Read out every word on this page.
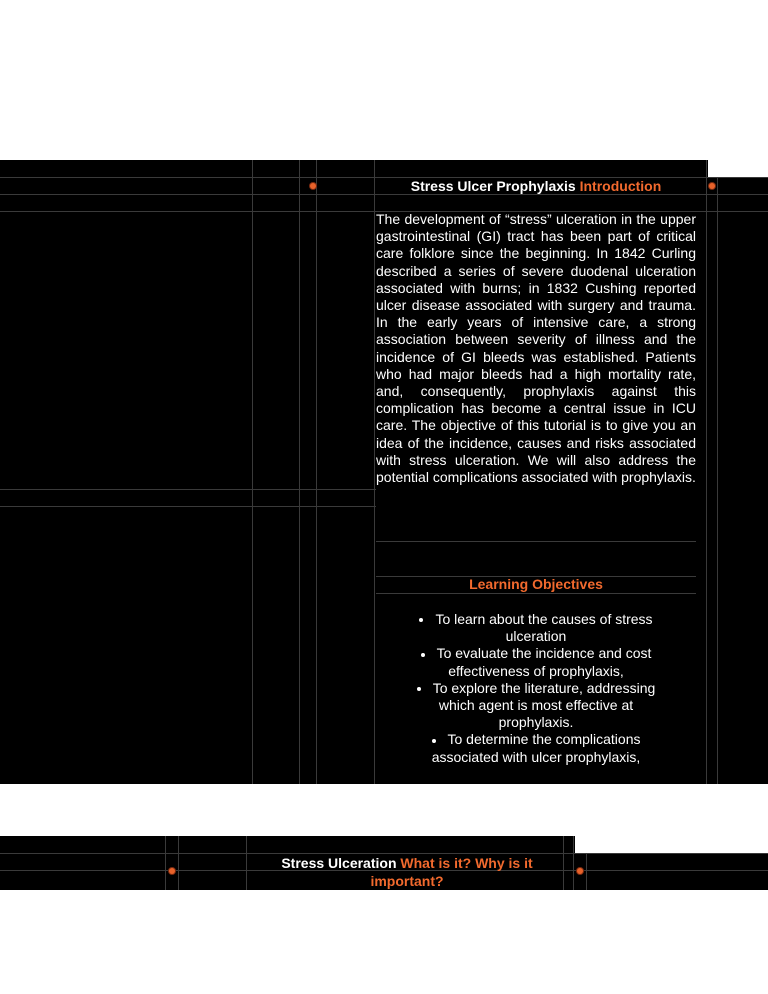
Stress Ulcer Prophylaxis Introduction
The development of “stress” ulceration in the upper gastrointestinal (GI) tract has been part of critical care folklore since the beginning. In 1842 Curling described a series of severe duodenal ulceration associated with burns; in 1832 Cushing reported ulcer disease associated with surgery and trauma. In the early years of intensive care, a strong association between severity of illness and the incidence of GI bleeds was established. Patients who had major bleeds had a high mortality rate, and, consequently, prophylaxis against this complication has become a central issue in ICU care. The objective of this tutorial is to give you an idea of the incidence, causes and risks associated with stress ulceration. We will also address the potential complications associated with prophylaxis.
Learning Objectives
To learn about the causes of stress ulceration
To evaluate the incidence and cost effectiveness of prophylaxis,
To explore the literature, addressing which agent is most effective at prophylaxis.
To determine the complications associated with ulcer prophylaxis,
Stress Ulceration What is it? Why is it important?
